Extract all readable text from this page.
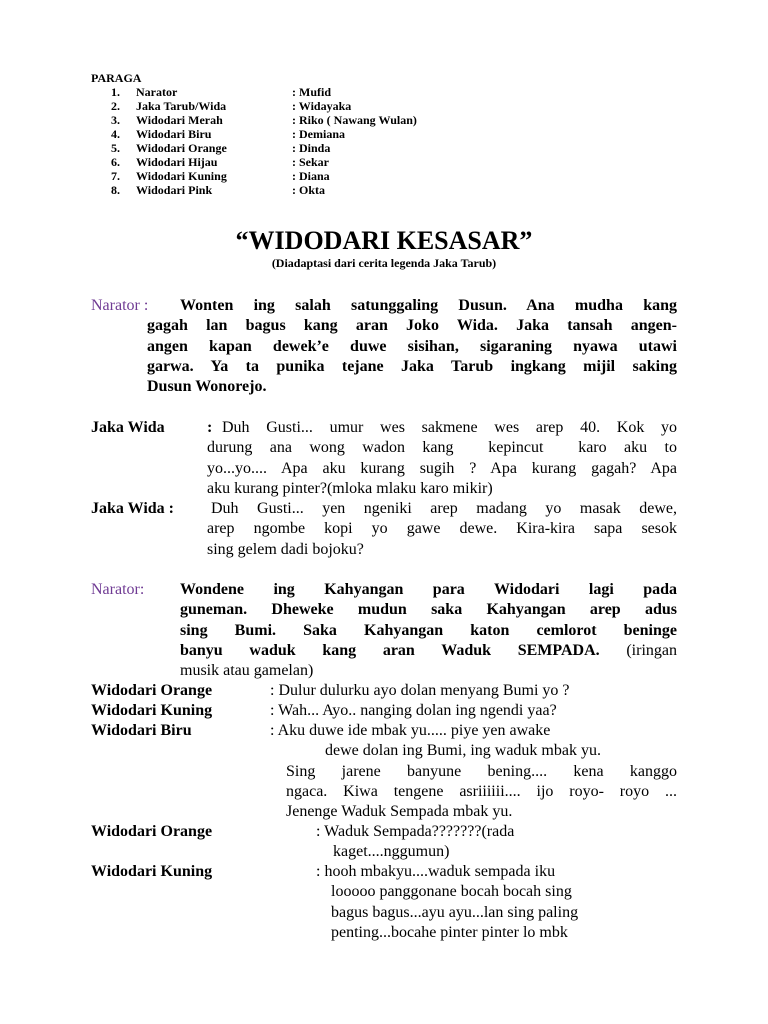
PARAGA
1. Narator	: Mufid
2. Jaka Tarub/Wida	: Widayaka
3. Widodari Merah	: Riko ( Nawang Wulan)
4. Widodari Biru	: Demiana
5. Widodari Orange	: Dinda
6. Widodari Hijau	: Sekar
7. Widodari Kuning	: Diana
8. Widodari Pink	: Okta
“WIDODARI KESASAR”
(Diadaptasi dari cerita legenda Jaka Tarub)
Narator : Wonten ing salah satunggaling Dusun. Ana mudha kang
gagah lan bagus kang aran Joko Wida. Jaka tansah angen-
angen kapan dewek’e duwe sisihan, sigaraning nyawa utawi
garwa. Ya ta punika tejane Jaka Tarub ingkang mijil saking
Dusun Wonorejo.
Jaka Wida	: Duh Gusti... umur wes sakmene wes arep 40. Kok yo
durung ana wong wadon kang  kepincut  karo aku to
yo...yo.... Apa aku kurang sugih ? Apa kurang gagah? Apa
aku kurang pinter?(mloka mlaku karo mikir)
Jaka Wida : Duh Gusti... yen ngeniki arep madang yo masak dewe,
arep ngombe kopi yo gawe dewe. Kira-kira sapa sesok
sing gelem dadi bojoku?
Narator: Wondene ing Kahyangan para Widodari lagi pada
guneman. Dheweke mudun saka Kahyangan arep adus
sing Bumi. Saka Kahyangan katon cemlorot beninge
banyu waduk kang aran Waduk SEMPADA. (iringan
musik atau gamelan)
Widodari Orange	: Dulur dulurku ayo dolan menyang Bumi yo ?
Widodari Kuning	: Wah... Ayo.. nanging dolan ing ngendi yaa?
Widodari Biru	: Aku duwe ide mbak yu..... piye yen awake
dewe dolan ing Bumi, ing waduk mbak yu.
Sing jarene banyune bening.... kena kanggo
ngaca. Kiwa tengene asriiiiii.... ijo royo- royo ...
Jenenge Waduk Sempada mbak yu.
Widodari Orange	: Waduk Sempada???????(rada
kaget....nggumun)
Widodari Kuning	: hooh mbakyu....waduk sempada iku
looooo panggonane bocah bocah sing
bagus bagus...ayu ayu...lan sing paling
penting...bocahe pinter pinter lo mbk
